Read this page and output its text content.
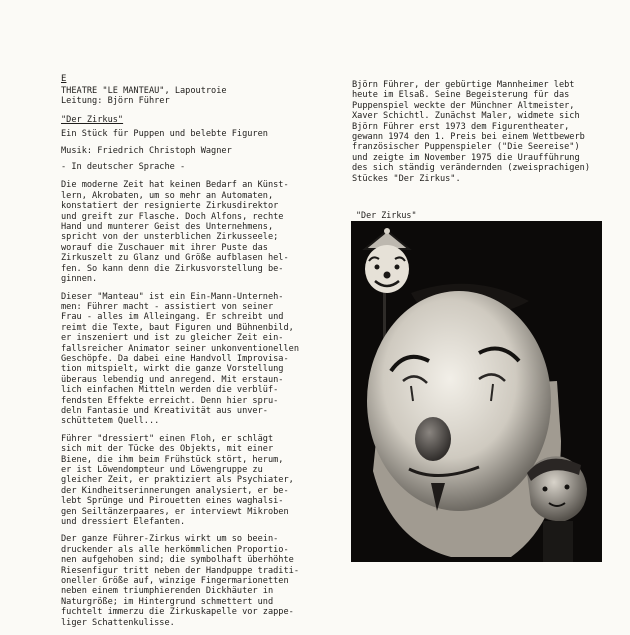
E

THEATRE "LE MANTEAU", Lapoutroie

Leitung: Björn Führer

"Der Zirkus"

Ein Stück für Puppen und belebte Figuren

Musik: Friedrich Christoph Wagner

- In deutscher Sprache -

Die moderne Zeit hat keinen Bedarf an Künst-

lern, Akrobaten, um so mehr an Automaten,

konstatiert der resignierte Zirkusdirektor

und greift zur Flasche. Doch Alfons, rechte

Hand und munterer Geist des Unternehmens,

spricht von der unsterblichen Zirkusseele;

worauf die Zuschauer mit ihrer Puste das

Zirkuszelt zu Glanz und Größe aufblasen hel-

fen. So kann denn die Zirkusvorstellung be-

ginnen.

Dieser "Manteau" ist ein Ein-Mann-Unterneh-

men: Führer macht - assistiert von seiner

Frau - alles im Alleingang. Er schreibt und

reimt die Texte, baut Figuren und Bühnenbild,

er inszeniert und ist zu gleicher Zeit ein-

fallsreicher Animator seiner unkonventionellen

Geschöpfe. Da dabei eine Handvoll Improvisa-

tion mitspielt, wirkt die ganze Vorstellung

überaus lebendig und anregend. Mit erstaun-

lich einfachen Mitteln werden die verblüf-

fendsten Effekte erreicht. Denn hier spru-

deln Fantasie und Kreativität aus unver-

schüttetem Quell...

Führer "dressiert" einen Floh, er schlägt

sich mit der Tücke des Objekts, mit einer

Biene, die ihm beim Frühstück stört, herum,

er ist Löwendompteur und Löwengruppe zu

gleicher Zeit, er praktiziert als Psychiater,

der Kindheitserinnerungen analysiert, er be-

lebt Sprünge und Pirouetten eines waghalsi-

gen Seiltänzerpaares, er interviewt Mikroben

und dressiert Elefanten.

Der ganze Führer-Zirkus wirkt um so beein-

druckender als alle herkömmlichen Proportio-

nen aufgehoben sind; die symbolhaft überhöhte

Riesenfigur tritt neben der Handpuppe traditi-

oneller Größe auf, winzige Fingermarionetten

neben einem triumphierenden Dickhäuter in

Naturgröße; im Hintergrund schmettert und

fuchtelt immerzu die Zirkuskapelle vor zappe-

liger Schattenkulisse.

Björn Führer, der gebürtige Mannheimer lebt

heute im Elsaß. Seine Begeisterung für das

Puppenspiel weckte der Münchner Altmeister,

Xaver Schichtl. Zunächst Maler, widmete sich

Björn Führer erst 1973 dem Figurentheater,

gewann 1974 den 1. Preis bei einem Wettbewerb

französischer Puppenspieler ("Die Seereise")

und zeigte im November 1975 die Uraufführung

des sich ständig verändernden (zweisprachigen)

Stückes "Der Zirkus".

"Der Zirkus"
